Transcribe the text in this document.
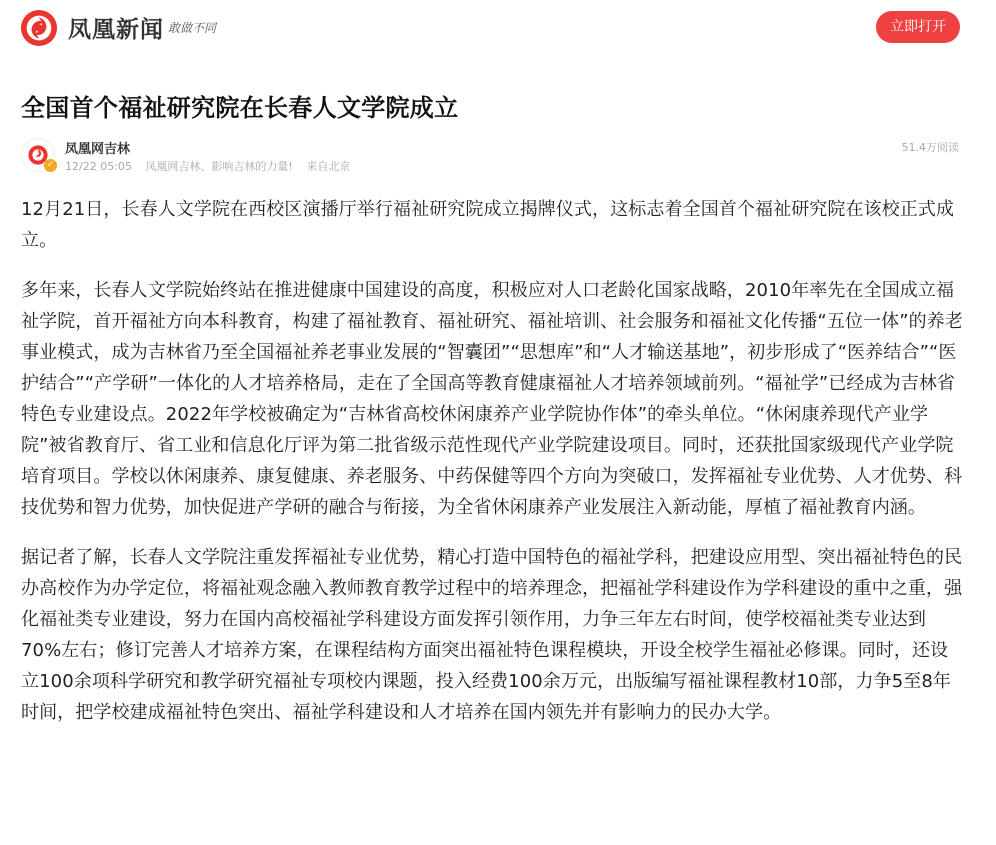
凤凰新闻 敢做不同	立即打开
全国首个福祉研究院在长春人文学院成立
✓
凤凰网吉林
12/22 05:05 凤凰网吉林、影响吉林的力量! 来自北京
51.4万阅读

12月21日，长春人文学院在西校区演播厅举行福祉研究院成立揭牌仪式，这标志着全国首个福祉研究院在该校正式成立。

多年来，长春人文学院始终站在推进健康中国建设的高度，积极应对人口老龄化国家战略，2010年率先在全国成立福祉学院，首开福祉方向本科教育，构建了福祉教育、福祉研究、福祉培训、社会服务和福祉文化传播“五位一体”的养老事业模式，成为吉林省乃至全国福祉养老事业发展的“智囊团”“思想库”和“人才输送基地”，初步形成了“医养结合”“医护结合”“产学研”一体化的人才培养格局，走在了全国高等教育健康福祉人才培养领域前列。“福祉学”已经成为吉林省特色专业建设点。2022年学校被确定为“吉林省高校休闲康养产业学院协作体”的牵头单位。“休闲康养现代产业学院”被省教育厅、省工业和信息化厅评为第二批省级示范性现代产业学院建设项目。同时，还获批国家级现代产业学院培育项目。学校以休闲康养、康复健康、养老服务、中药保健等四个方向为突破口，发挥福祉专业优势、人才优势、科技优势和智力优势，加快促进产学研的融合与衔接，为全省休闲康养产业发展注入新动能，厚植了福祉教育内涵。

据记者了解，长春人文学院注重发挥福祉专业优势，精心打造中国特色的福祉学科，把建设应用型、突出福祉特色的民办高校作为办学定位，将福祉观念融入教师教育教学过程中的培养理念，把福祉学科建设作为学科建设的重中之重，强化福祉类专业建设，努力在国内高校福祉学科建设方面发挥引领作用，力争三年左右时间，使学校福祉类专业达到70%左右；修订完善人才培养方案，在课程结构方面突出福祉特色课程模块，开设全校学生福祉必修课。同时，还设立100余项科学研究和教学研究福祉专项校内课题，投入经费100余万元，出版编写福祉课程教材10部，力争5至8年时间，把学校建成福祉特色突出、福祉学科建设和人才培养在国内领先并有影响力的民办大学。
